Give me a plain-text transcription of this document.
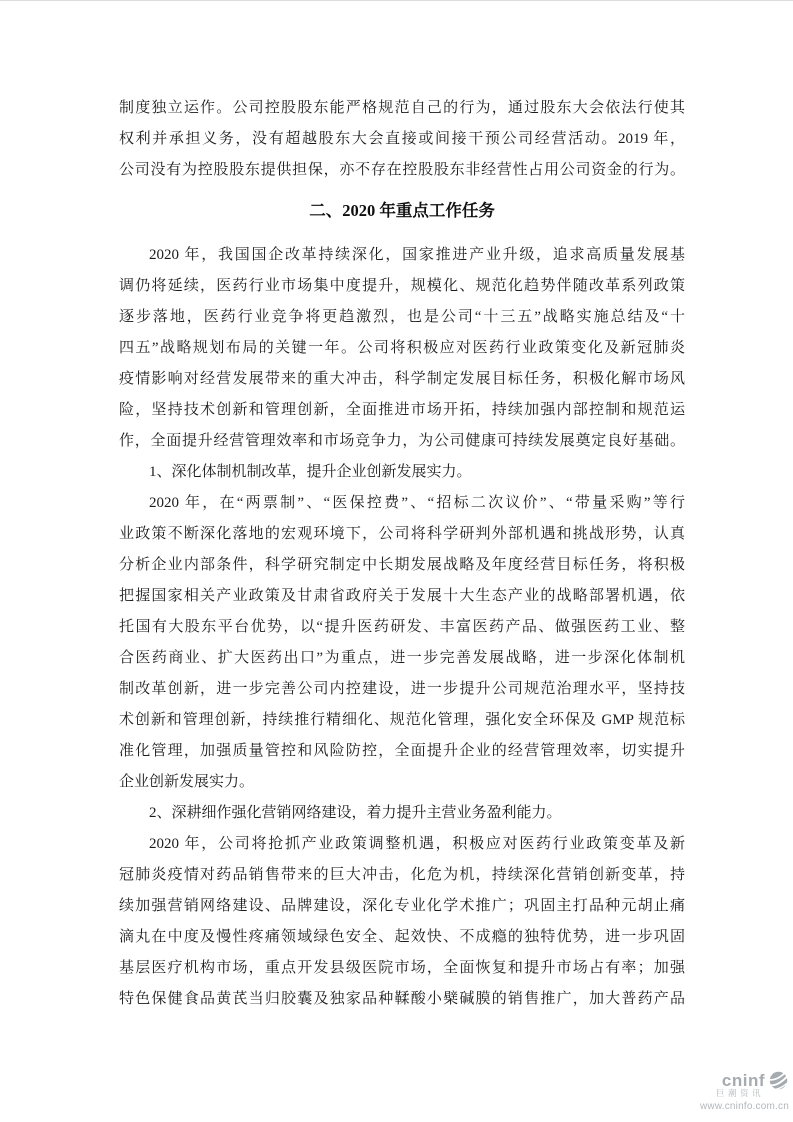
制度独立运作。公司控股股东能严格规范自己的行为，通过股东大会依法行使其
权利并承担义务，没有超越股东大会直接或间接干预公司经营活动。2019 年，
公司没有为控股股东提供担保，亦不存在控股股东非经营性占用公司资金的行为。
二、2020 年重点工作任务
2020 年，我国国企改革持续深化，国家推进产业升级，追求高质量发展基
调仍将延续，医药行业市场集中度提升，规模化、规范化趋势伴随改革系列政策
逐步落地，医药行业竞争将更趋激烈，也是公司“十三五”战略实施总结及“十
四五”战略规划布局的关键一年。公司将积极应对医药行业政策变化及新冠肺炎
疫情影响对经营发展带来的重大冲击，科学制定发展目标任务，积极化解市场风
险，坚持技术创新和管理创新，全面推进市场开拓，持续加强内部控制和规范运
作，全面提升经营管理效率和市场竞争力，为公司健康可持续发展奠定良好基础。
1、深化体制机制改革，提升企业创新发展实力。
2020 年，在“两票制”、“医保控费”、“招标二次议价”、“带量采购”等行
业政策不断深化落地的宏观环境下，公司将科学研判外部机遇和挑战形势，认真
分析企业内部条件，科学研究制定中长期发展战略及年度经营目标任务，将积极
把握国家相关产业政策及甘肃省政府关于发展十大生态产业的战略部署机遇，依
托国有大股东平台优势，以“提升医药研发、丰富医药产品、做强医药工业、整
合医药商业、扩大医药出口”为重点，进一步完善发展战略，进一步深化体制机
制改革创新，进一步完善公司内控建设，进一步提升公司规范治理水平，坚持技
术创新和管理创新，持续推行精细化、规范化管理，强化安全环保及 GMP 规范标
准化管理，加强质量管控和风险防控，全面提升企业的经营管理效率，切实提升
企业创新发展实力。
2、深耕细作强化营销网络建设，着力提升主营业务盈利能力。
2020 年，公司将抢抓产业政策调整机遇，积极应对医药行业政策变革及新
冠肺炎疫情对药品销售带来的巨大冲击，化危为机，持续深化营销创新变革，持
续加强营销网络建设、品牌建设，深化专业化学术推广；巩固主打品种元胡止痛
滴丸在中度及慢性疼痛领域绿色安全、起效快、不成瘾的独特优势，进一步巩固
基层医疗机构市场，重点开发县级医院市场，全面恢复和提升市场占有率；加强
特色保健食品黄芪当归胶囊及独家品种鞣酸小檗碱膜的销售推广，加大普药产品
cninf
巨潮资讯
www.cninfo.com.cn
